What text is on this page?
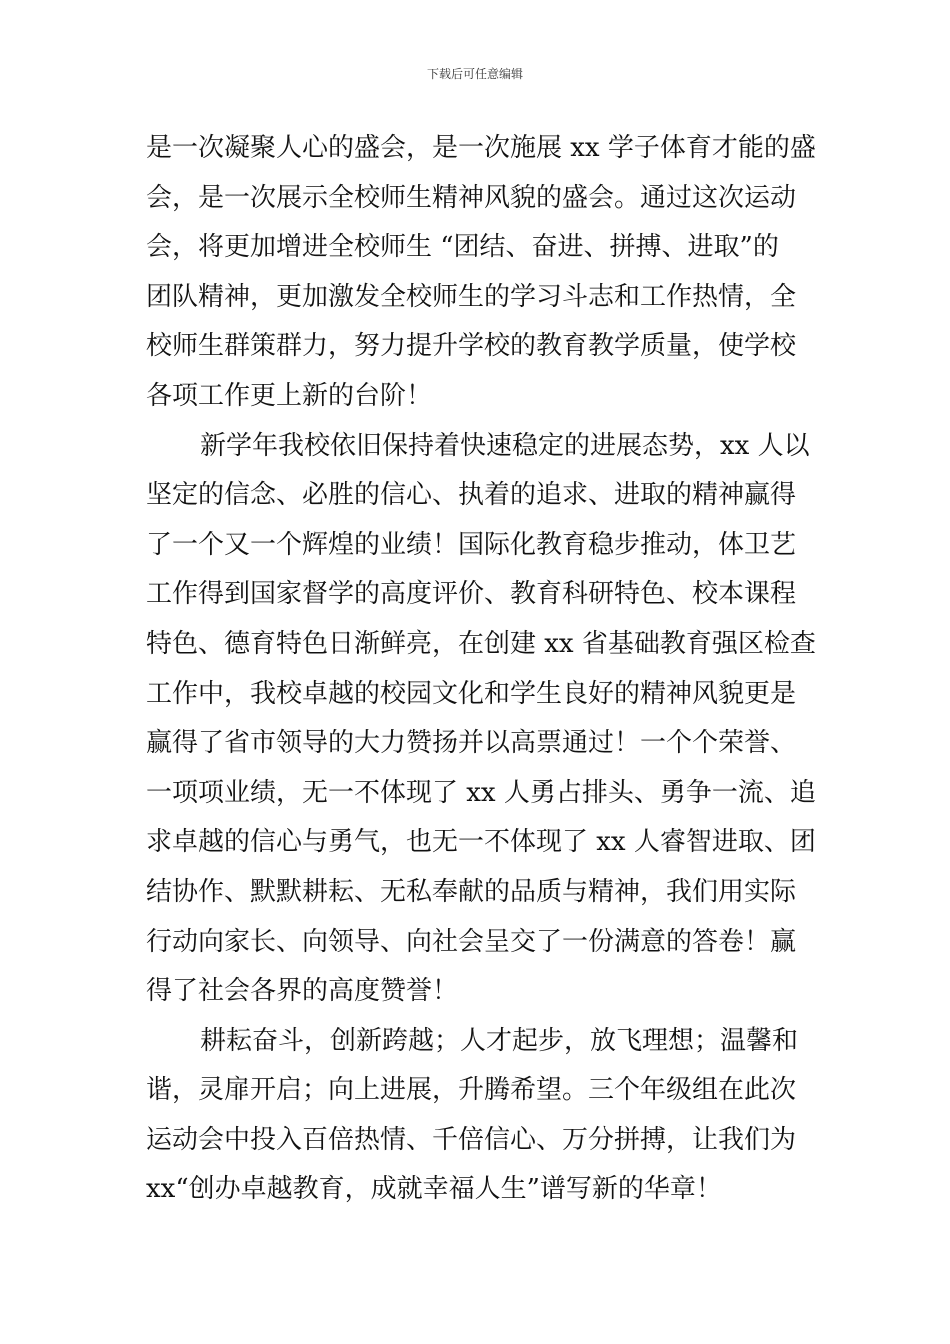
下载后可任意编辑
是一次凝聚人心的盛会，是一次施展 xx 学子体育才能的盛
会，是一次展示全校师生精神风貌的盛会。通过这次运动
会，将更加增进全校师生 “团结、奋进、拼搏、进取”的
团队精神，更加激发全校师生的学习斗志和工作热情，全
校师生群策群力，努力提升学校的教育教学质量，使学校
各项工作更上新的台阶！
新学年我校依旧保持着快速稳定的进展态势，xx 人以
坚定的信念、必胜的信心、执着的追求、进取的精神赢得
了一个又一个辉煌的业绩！国际化教育稳步推动，体卫艺
工作得到国家督学的高度评价、教育科研特色、校本课程
特色、德育特色日渐鲜亮，在创建 xx 省基础教育强区检查
工作中，我校卓越的校园文化和学生良好的精神风貌更是
赢得了省市领导的大力赞扬并以高票通过！一个个荣誉、
一项项业绩，无一不体现了 xx 人勇占排头、勇争一流、追
求卓越的信心与勇气，也无一不体现了 xx 人睿智进取、团
结协作、默默耕耘、无私奉献的品质与精神，我们用实际
行动向家长、向领导、向社会呈交了一份满意的答卷！赢
得了社会各界的高度赞誉！
耕耘奋斗，创新跨越；人才起步，放飞理想；温馨和
谐，灵扉开启；向上进展，升腾希望。三个年级组在此次
运动会中投入百倍热情、千倍信心、万分拼搏，让我们为
xx“创办卓越教育，成就幸福人生”谱写新的华章！
